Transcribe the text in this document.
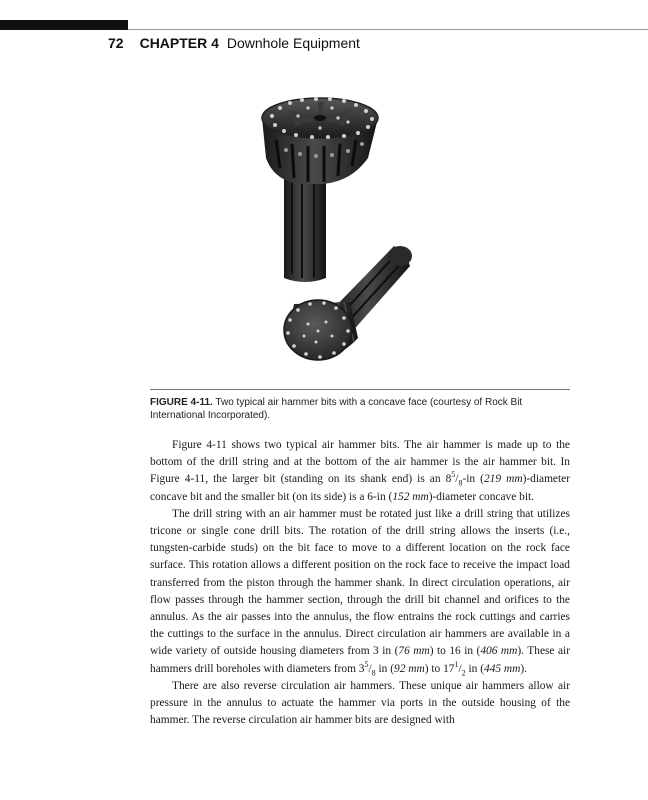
72 CHAPTER 4 Downhole Equipment
FIGURE 4-11. Two typical air hammer bits with a concave face (courtesy of Rock Bit International Incorporated).

Figure 4-11 shows two typical air hammer bits. The air hammer is made up to the bottom of the drill string and at the bottom of the air hammer is the air hammer bit. In Figure 4-11, the larger bit (standing on its shank end) is an $8^5/_8-in$ (219 mm)-diameter concave bit and the smaller bit (on its side) is a 6-in (152 mm)-diameter concave bit.

The drill string with an air hammer must be rotated just like a drill string that utilizes tricone or single cone drill bits. The rotation of the drill string allows the inserts (i.e., tungsten-carbide studs) on the bit face to move to a different location on the rock face surface. This rotation allows a different position on the rock face to receive the impact load transferred from the piston through the hammer shank. In direct circulation operations, air flow passes through the hammer section, through the drill bit channel and orifices to the annulus. As the air passes into the annulus, the flow entrains the rock cuttings and carries the cuttings to the surface in the annulus. Direct circulation air hammers are available in a wide variety of outside housing diameters from 3 in (76 mm) to 16 in (406 mm). These air hammers drill boreholes with diameters from $3^5/_8$ in (92 mm) to $17^1/_2$ in (445 mm).

There are also reverse circulation air hammers. These unique air hammers allow air pressure in the annulus to actuate the hammer via ports in the outside housing of the hammer. The reverse circulation air hammer bits are designed with
